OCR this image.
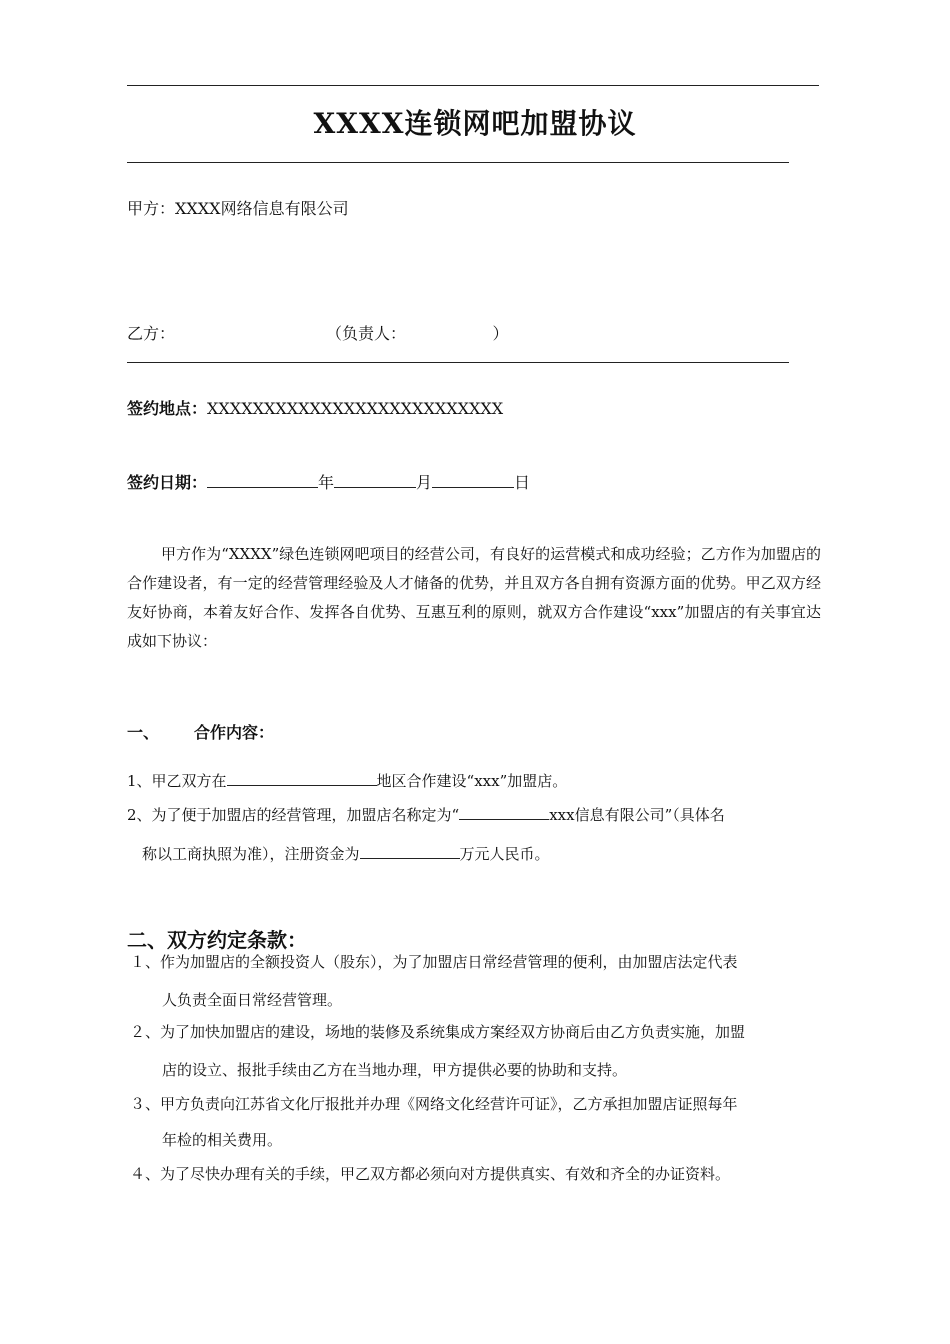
XXXX连锁网吧加盟协议
甲方：XXXX网络信息有限公司
乙方：	（负责人：                 ）
签约地点：XXXXXXXXXXXXXXXXXXXXXXXXXX
签约日期：	年	月	日
甲方作为“XXXX”绿色连锁网吧项目的经营公司，有良好的运营模式和成功经验；乙方作为加盟店的合作建设者，有一定的经营管理经验及人才储备的优势，并且双方各自拥有资源方面的优势。甲乙双方经友好协商，本着友好合作、发挥各自优势、互惠互利的原则，就双方合作建设“xxx”加盟店的有关事宜达成如下协议：
一、 合作内容：
1、甲乙双方在	地区合作建设“xxx”加盟店。
2、为了便于加盟店的经营管理，加盟店名称定为“	xxx信息有限公司”（具体名
称以工商执照为准），注册资金为	万元人民币。
二、双方约定条款：
１、作为加盟店的全额投资人（股东），为了加盟店日常经营管理的便利，由加盟店法定代表
人负责全面日常经营管理。
２、为了加快加盟店的建设，场地的装修及系统集成方案经双方协商后由乙方负责实施，加盟
店的设立、报批手续由乙方在当地办理，甲方提供必要的协助和支持。
３、甲方负责向江苏省文化厅报批并办理《网络文化经营许可证》，乙方承担加盟店证照每年
年检的相关费用。
４、为了尽快办理有关的手续，甲乙双方都必须向对方提供真实、有效和齐全的办证资料。
